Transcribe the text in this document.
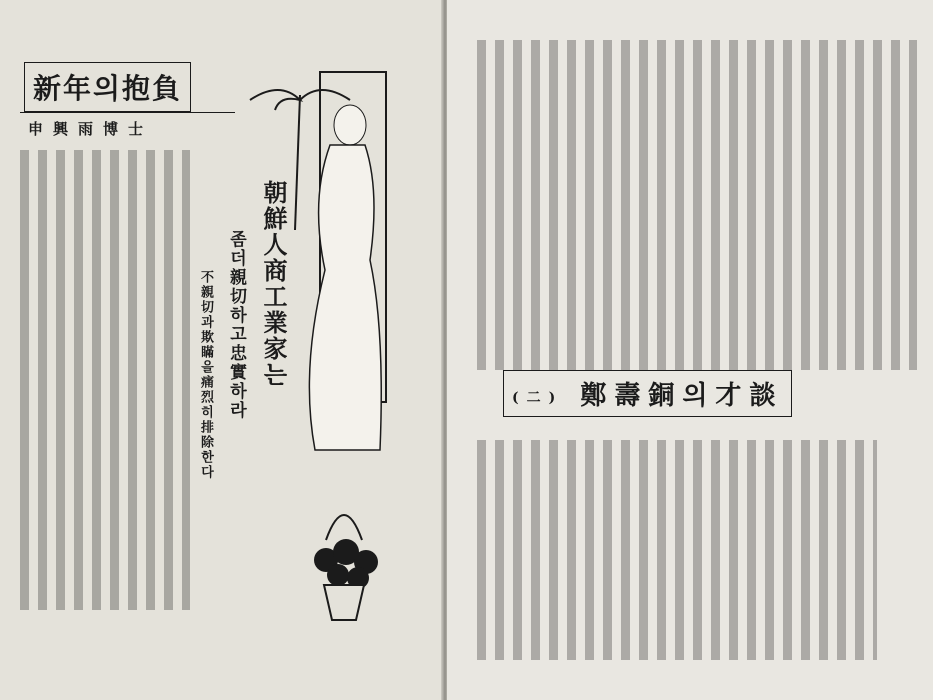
新年의抱負
申興雨博士
朝鮮人商工業家는
좀더親切하고忠實하라
不親切과欺瞞을痛烈히排除한다	(二) 鄭壽銅의才談
